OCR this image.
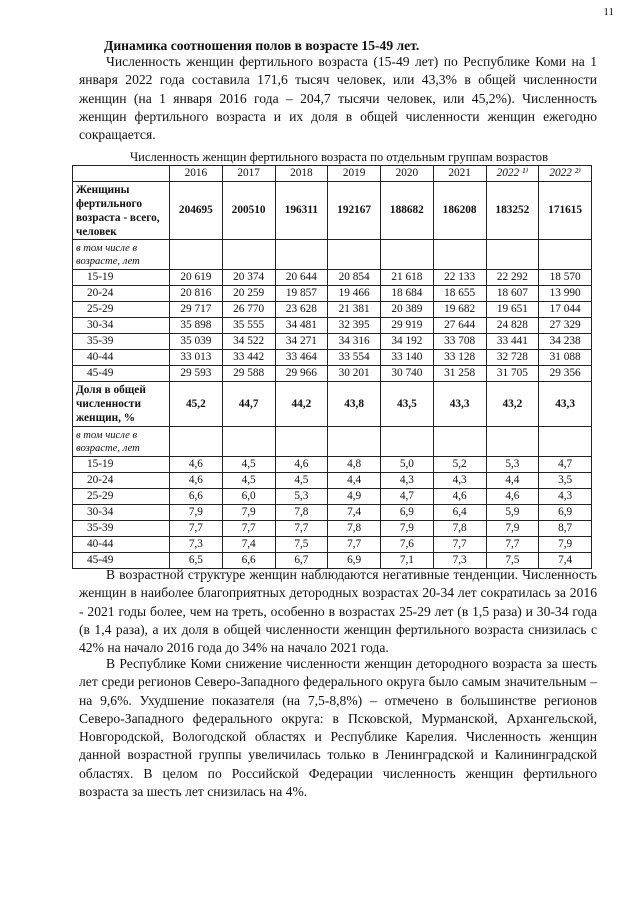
11
Динамика соотношения полов в возрасте 15-49 лет.

Численность женщин фертильного возраста (15-49 лет) по Республике Коми на 1 января 2022 года составила 171,6 тысяч человек, или 43,3% в общей численности женщин (на 1 января 2016 года – 204,7 тысячи человек, или 45,2%). Численность женщин фертильного возраста и их доля в общей численности женщин ежегодно сокращается.

Численность женщин фертильного возраста по отдельным группам возрастов
	2016	2017	2018	2019	2020	2021	2022 ¹⁾	2022 ²⁾
Женщины фертильного возраста - всего, человек	204695	200510	196311	192167	188682	186208	183252	171615
в том числе в возрасте, лет								
15-19	20 619	20 374	20 644	20 854	21 618	22 133	22 292	18 570
20-24	20 816	20 259	19 857	19 466	18 684	18 655	18 607	13 990
25-29	29 717	26 770	23 628	21 381	20 389	19 682	19 651	17 044
30-34	35 898	35 555	34 481	32 395	29 919	27 644	24 828	27 329
35-39	35 039	34 522	34 271	34 316	34 192	33 708	33 441	34 238
40-44	33 013	33 442	33 464	33 554	33 140	33 128	32 728	31 088
45-49	29 593	29 588	29 966	30 201	30 740	31 258	31 705	29 356
Доля в общей численности женщин, %	45,2	44,7	44,2	43,8	43,5	43,3	43,2	43,3
в том числе в возрасте, лет								
15-19	4,6	4,5	4,6	4,8	5,0	5,2	5,3	4,7
20-24	4,6	4,5	4,5	4,4	4,3	4,3	4,4	3,5
25-29	6,6	6,0	5,3	4,9	4,7	4,6	4,6	4,3
30-34	7,9	7,9	7,8	7,4	6,9	6,4	5,9	6,9
35-39	7,7	7,7	7,7	7,8	7,9	7,8	7,9	8,7
40-44	7,3	7,4	7,5	7,7	7,6	7,7	7,7	7,9
45-49	6,5	6,6	6,7	6,9	7,1	7,3	7,5	7,4

В возрастной структуре женщин наблюдаются негативные тенденции. Численность женщин в наиболее благоприятных детородных возрастах 20-34 лет сократилась за 2016 - 2021 годы более, чем на треть, особенно в возрастах 25-29 лет (в 1,5 раза) и 30-34 года (в 1,4 раза), а их доля в общей численности женщин фертильного возраста снизилась с 42% на начало 2016 года до 34% на начало 2021 года.

В Республике Коми снижение численности женщин детородного возраста за шесть лет среди регионов Северо-Западного федерального округа было самым значительным – на 9,6%. Ухудшение показателя (на 7,5-8,8%) – отмечено в большинстве регионов Северо-Западного федерального округа: в Псковской, Мурманской, Архангельской, Новгородской, Вологодской областях и Республике Карелия. Численность женщин данной возрастной группы увеличилась только в Ленинградской и Калининградской областях. В целом по Российской Федерации численность женщин фертильного возраста за шесть лет снизилась на 4%.
